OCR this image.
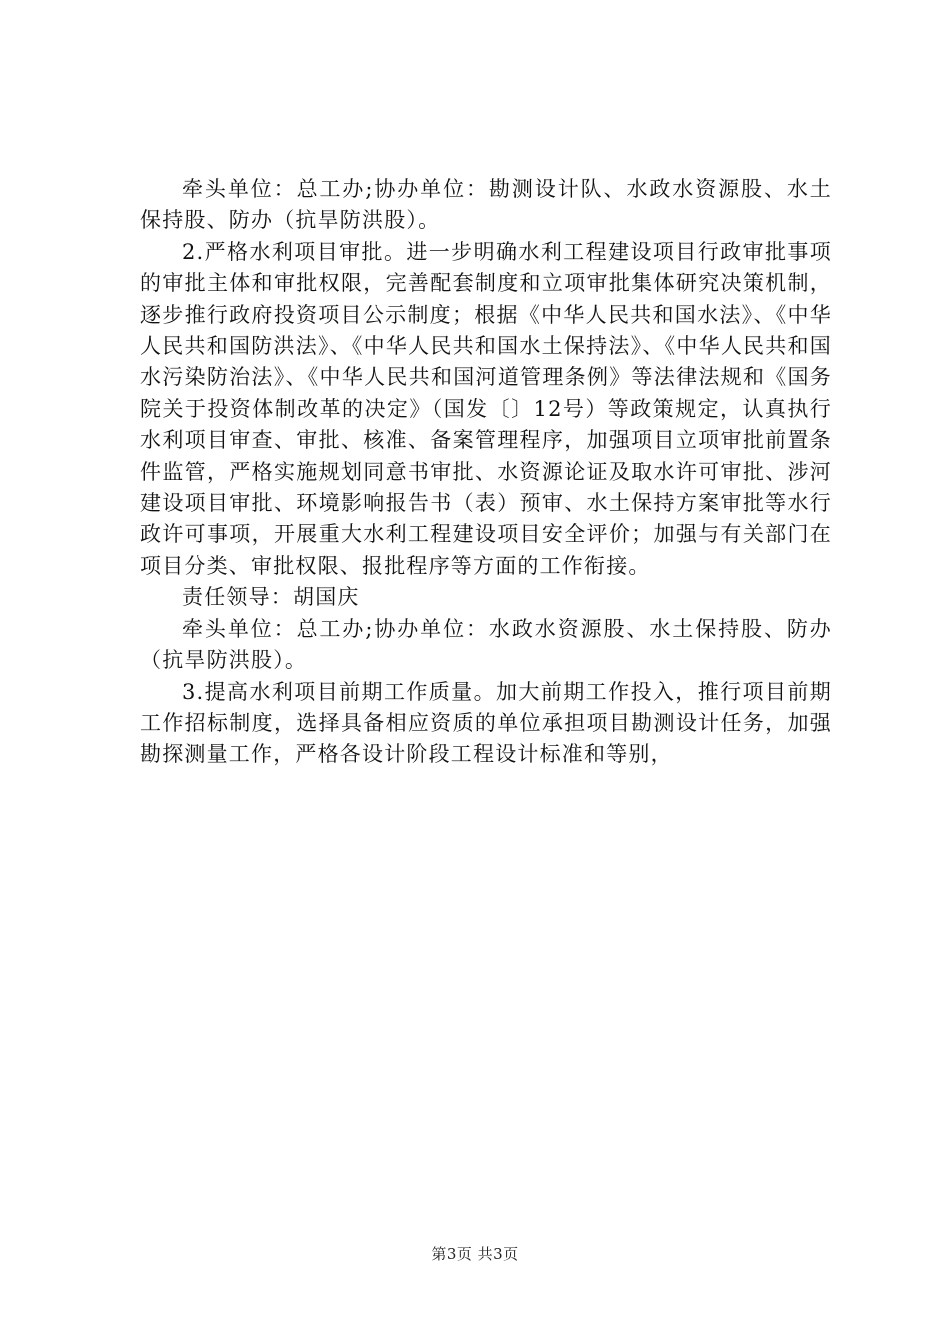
牵头单位：总工办;协办单位：勘测设计队、水政水资源股、水土保持股、防办（抗旱防洪股）。

2.严格水利项目审批。进一步明确水利工程建设项目行政审批事项的审批主体和审批权限，完善配套制度和立项审批集体研究决策机制，逐步推行政府投资项目公示制度；根据《中华人民共和国水法》、《中华人民共和国防洪法》、《中华人民共和国水土保持法》、《中华人民共和国水污染防治法》、《中华人民共和国河道管理条例》等法律法规和《国务院关于投资体制改革的决定》（国发〔〕12号）等政策规定，认真执行水利项目审查、审批、核准、备案管理程序，加强项目立项审批前置条件监管，严格实施规划同意书审批、水资源论证及取水许可审批、涉河建设项目审批、环境影响报告书（表）预审、水土保持方案审批等水行政许可事项，开展重大水利工程建设项目安全评价；加强与有关部门在项目分类、审批权限、报批程序等方面的工作衔接。

责任领导：胡国庆

牵头单位：总工办;协办单位：水政水资源股、水土保持股、防办（抗旱防洪股）。

3.提高水利项目前期工作质量。加大前期工作投入，推行项目前期工作招标制度，选择具备相应资质的单位承担项目勘测设计任务，加强勘探测量工作，严格各设计阶段工程设计标准和等别，

第3页 共3页
